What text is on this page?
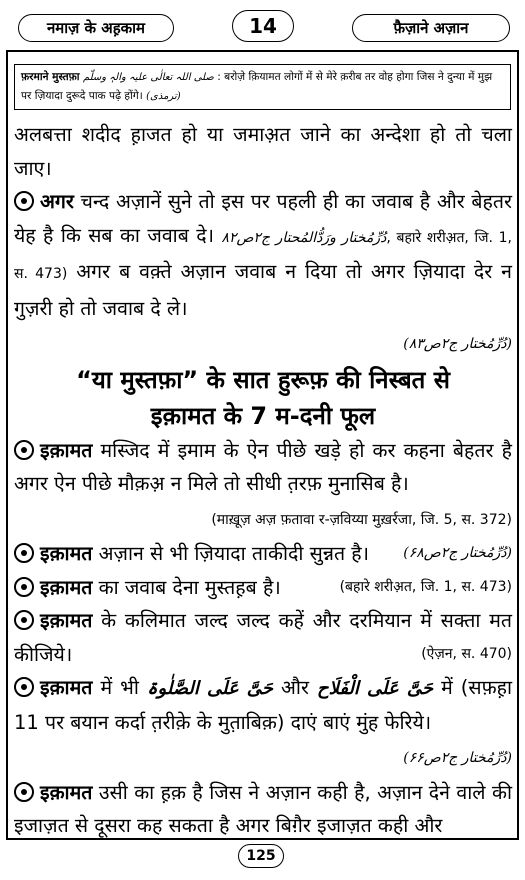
नमाज़ के अह़काम	14	फ़ैज़ाने अज़ान
फ़रमाने मुस्तफ़ा صلی اللہ تعالٰی علیہ والہٖ وسلّم : बरोज़े क़ियामत लोगों में से मेरे क़रीब तर वोह होगा जिस ने दुन्या में मुझ पर ज़ियादा दुरूदे पाक पढ़े होंगे। (ترمذی)

अलबत्ता शदीद ह़ाजत हो या जमाअ़त जाने का अन्देशा हो तो चला जाए।

अगर चन्द अज़ानें सुने तो इस पर पहली ही का जवाब है और बेहतर येह है कि सब का जवाब दे। دُرِّمُختار ورَدُّالمُحتار ج۲ص۸۲, बहारे शरीअ़त, जि. 1, स. 473) अगर ब वक़्ते अज़ान जवाब न दिया तो अगर ज़ियादा देर न गुज़री हो तो जवाब दे ले।

(دُرِّمُختار ج۲ص۸۳)

“या मुस्तफ़ा” के सात हुरूफ़ की निस्बत से

इक़ामत के 7 म-दनी फूल

इक़ामत मस्जिद में इमाम के ऐन पीछे खड़े हो कर कहना बेहतर है अगर ऐन पीछे मौक़अ़ न मिले तो सीधी त़रफ़ मुनासिब है।

(माख़ूज़ अज़ फ़तावा र-ज़विय्या मुख़र्रजा, जि. 5, स. 372)

इक़ामत अज़ान से भी ज़ियादा ताकीदी सुन्नत है। (دُرِّمُختار ج۲ص۶۸)

इक़ामत का जवाब देना मुस्तह़ब है।	(बहारे शरीअ़त, जि. 1, स. 473)

इक़ामत के कलिमात जल्द जल्द कहें और दरमियान में सक्ता मत कीजिये।	(ऐज़न, स. 470)

इक़ामत में भी حَیَّ عَلَی الصَّلٰوۃ और حَیَّ عَلَی الْفَلَاح में (सफ़ह़ा 11 पर बयान कर्दा त़रीक़े के मुत़ाबिक़) दाएं बाएं मुंह फेरिये।

(دُرِّمُختار ج۲ص۶۶)

इक़ामत उसी का ह़क़ है जिस ने अज़ान कही है, अज़ान देने वाले की इजाज़त से दूसरा कह सकता है अगर बिग़ैर इजाज़त कही और

125
